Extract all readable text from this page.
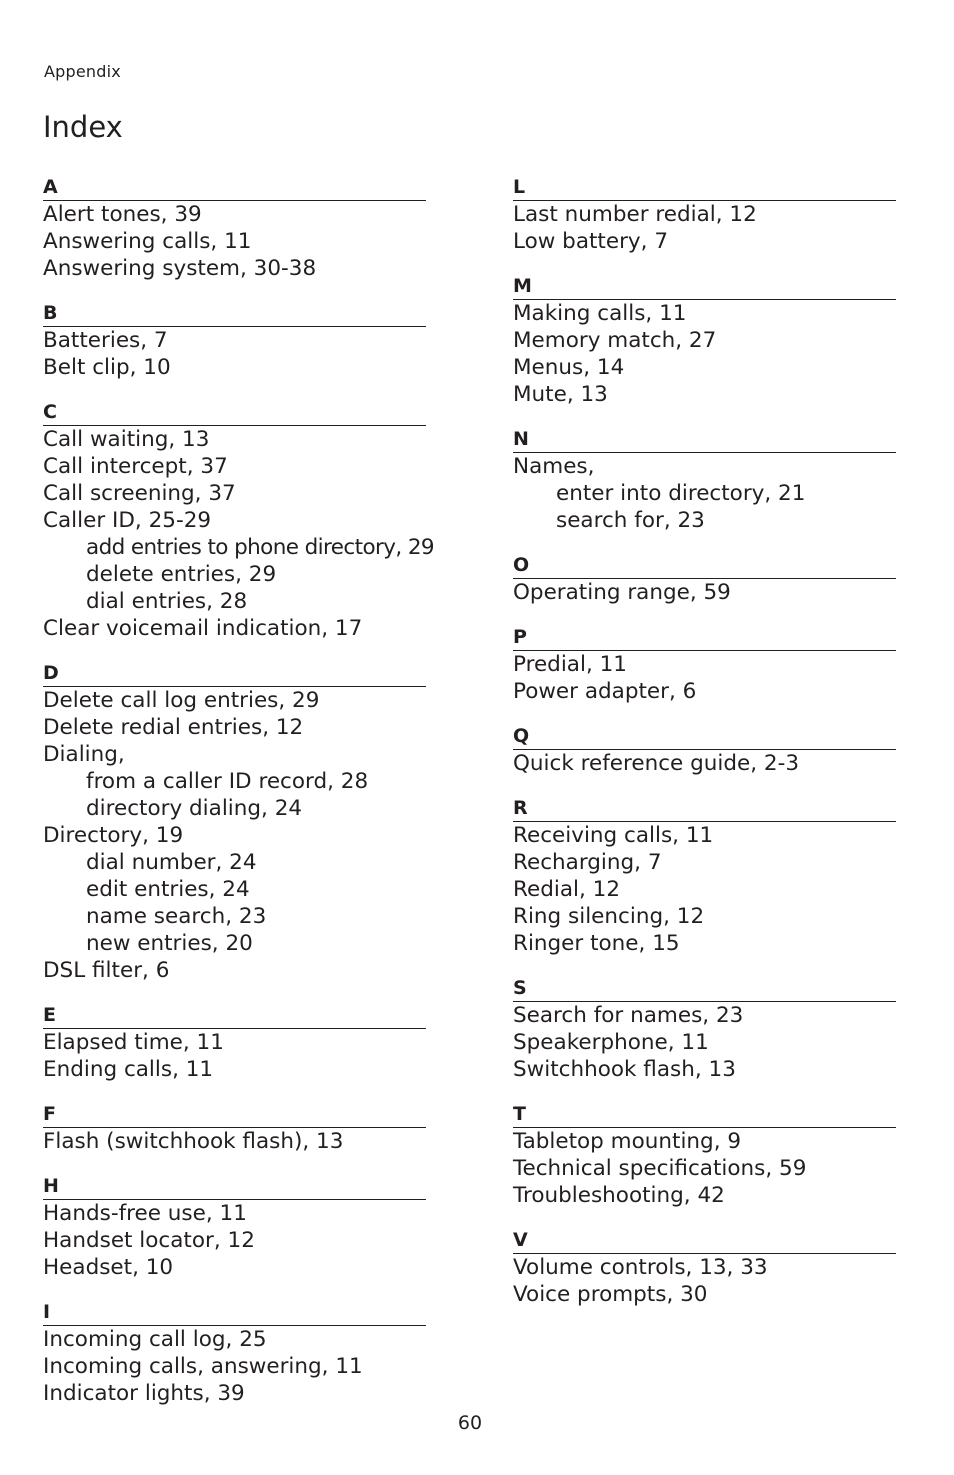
Appendix
Index
A
Alert tones, 39
Answering calls, 11
Answering system, 30-38
B
Batteries, 7
Belt clip, 10
C
Call waiting, 13
Call intercept, 37
Call screening, 37
Caller ID, 25-29
add entries to phone directory, 29
delete entries, 29
dial entries, 28
Clear voicemail indication, 17
D
Delete call log entries, 29
Delete redial entries, 12
Dialing,
from a caller ID record, 28
directory dialing, 24
Directory, 19
dial number, 24
edit entries, 24
name search, 23
new entries, 20
DSL filter, 6
E
Elapsed time, 11
Ending calls, 11
F
Flash (switchhook flash), 13
H
Hands-free use, 11
Handset locator, 12
Headset, 10
I
Incoming call log, 25
Incoming calls, answering, 11
Indicator lights, 39
L
Last number redial, 12
Low battery, 7
M
Making calls, 11
Memory match, 27
Menus, 14
Mute, 13
N
Names,
enter into directory, 21
search for, 23
O
Operating range, 59
P
Predial, 11
Power adapter, 6
Q
Quick reference guide, 2-3
R
Receiving calls, 11
Recharging, 7
Redial, 12
Ring silencing, 12
Ringer tone, 15
S
Search for names, 23
Speakerphone, 11
Switchhook flash, 13
T
Tabletop mounting, 9
Technical specifications, 59
Troubleshooting, 42
V
Volume controls, 13, 33
Voice prompts, 30
60
